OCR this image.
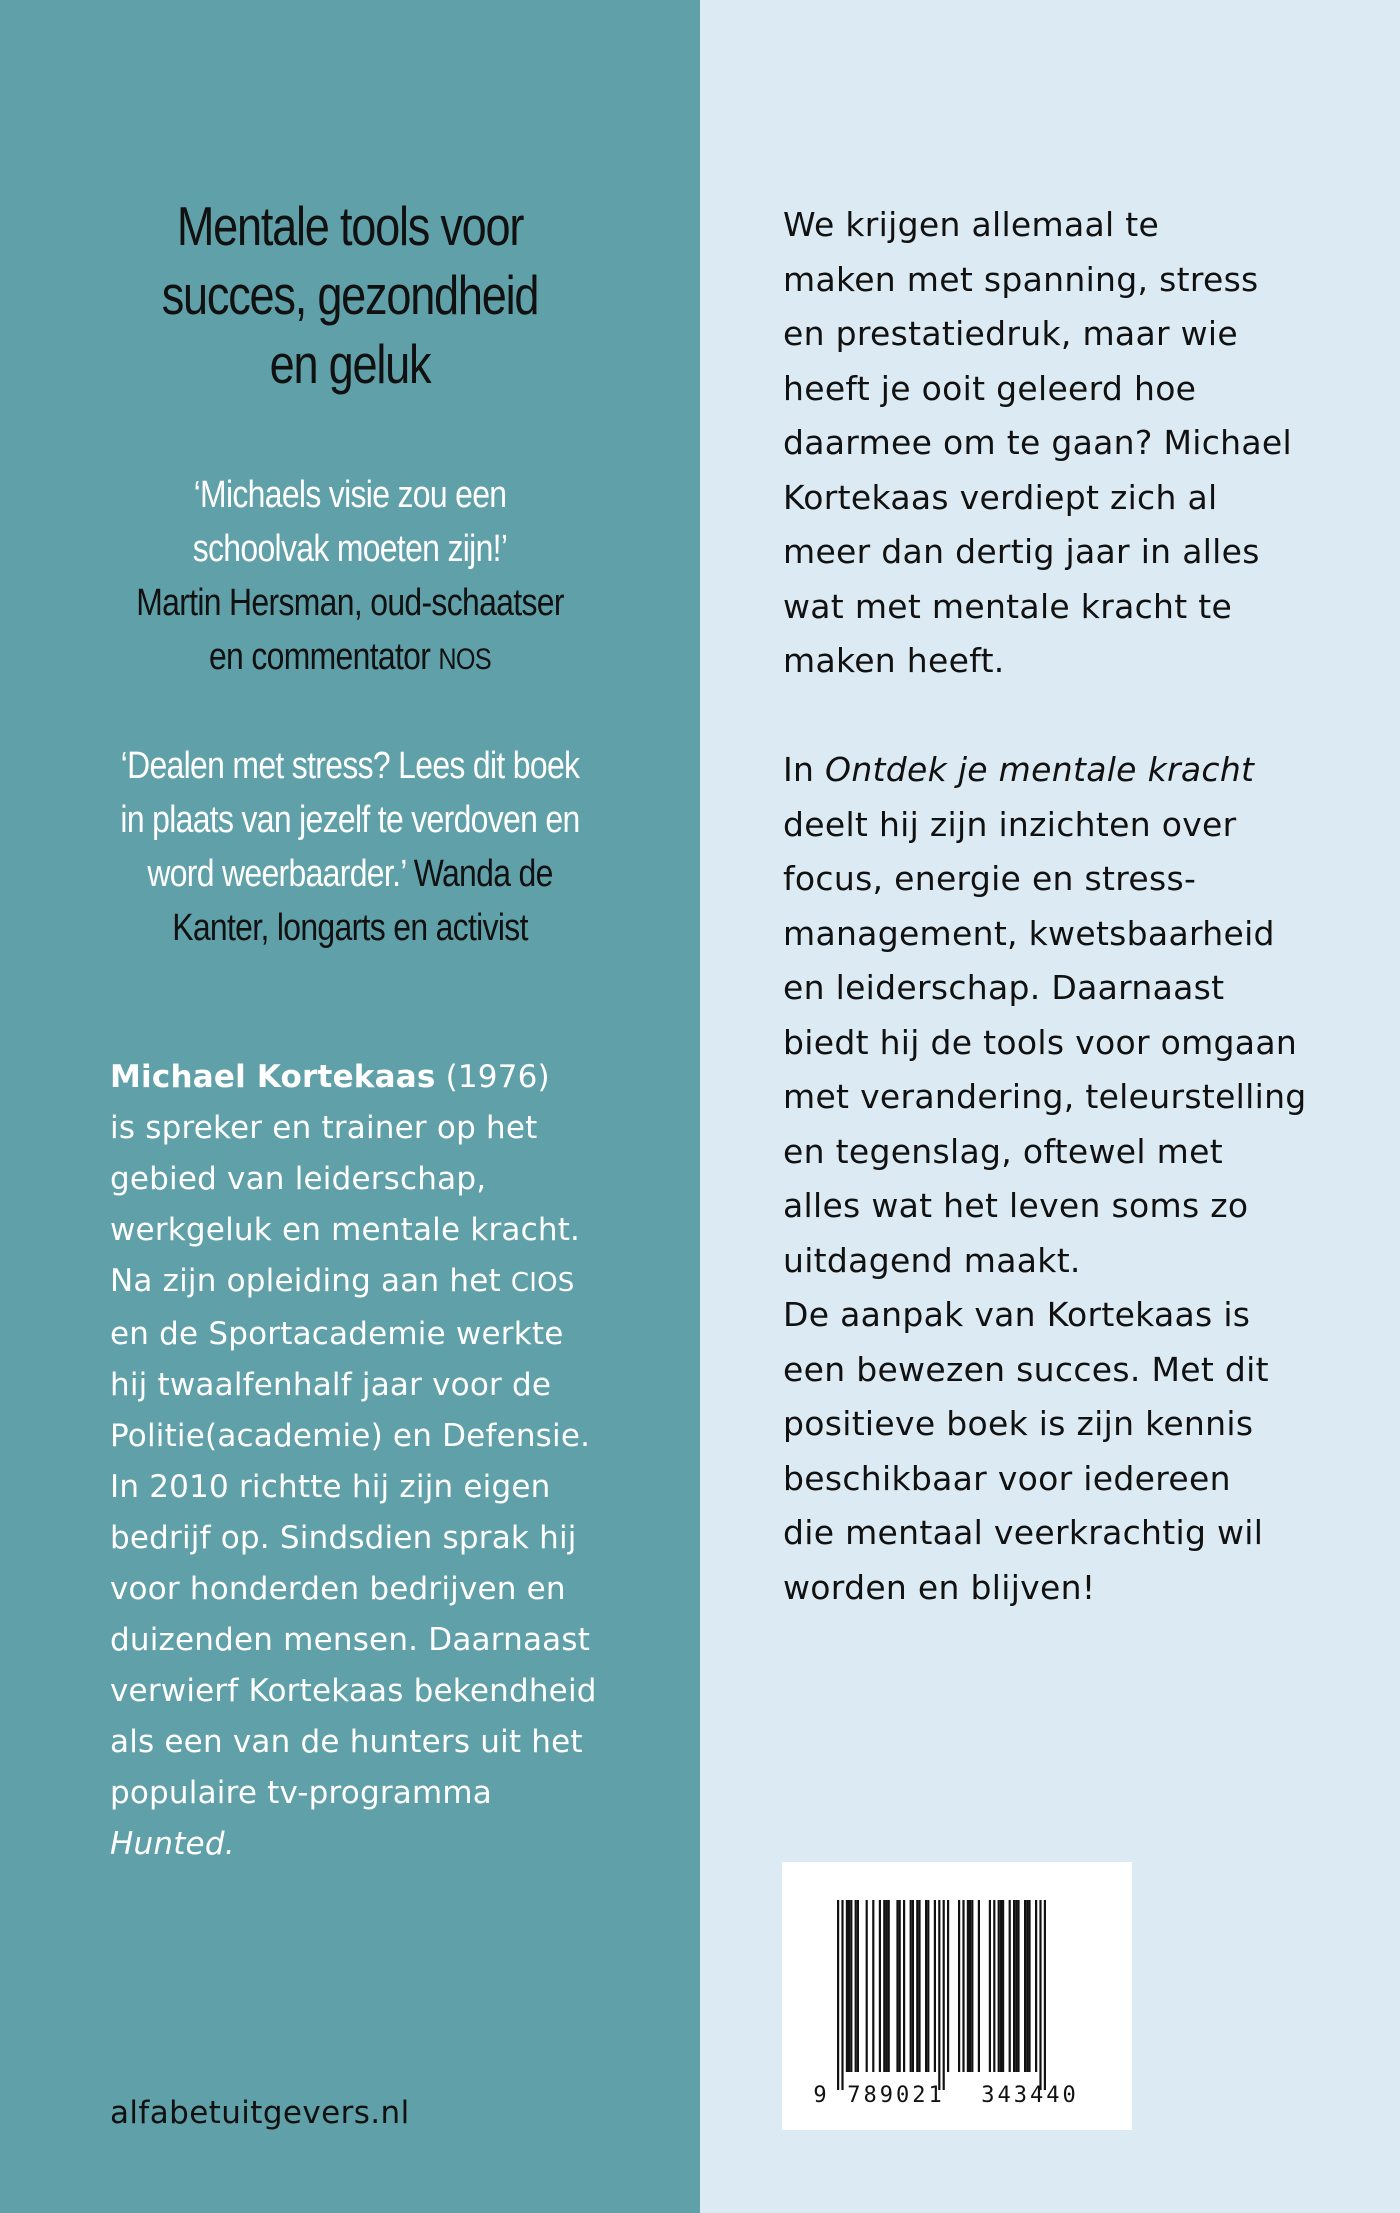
Mentale tools voor
succes, gezondheid
en geluk
‘Michaels visie zou een
schoolvak moeten zijn!’
Martin Hersman, oud-schaatser
en commentator NOS
‘Dealen met stress? Lees dit boek
in plaats van jezelf te verdoven en
word weerbaarder.’ Wanda de
Kanter, longarts en activist
Michael Kortekaas (1976)
is spreker en trainer op het
gebied van leiderschap,
werkgeluk en mentale kracht.
Na zijn opleiding aan het CIOS
en de Sportacademie werkte
hij twaalfenhalf jaar voor de
Politie(academie) en Defensie.
In 2010 richtte hij zijn eigen
bedrijf op. Sindsdien sprak hij
voor honderden bedrijven en
duizenden mensen. Daarnaast
verwierf Kortekaas bekendheid
als een van de hunters uit het
populaire tv-programma
Hunted.
alfabetuitgevers.nl
We krijgen allemaal te
maken met spanning, stress
en prestatiedruk, maar wie
heeft je ooit geleerd hoe
daarmee om te gaan? Michael
Kortekaas verdiept zich al
meer dan dertig jaar in alles
wat met mentale kracht te
maken heeft.
In Ontdek je mentale kracht
deelt hij zijn inzichten over
focus, energie en stress-
management, kwetsbaarheid
en leiderschap. Daarnaast
biedt hij de tools voor omgaan
met verandering, teleurstelling
en tegenslag, oftewel met
alles wat het leven soms zo
uitdagend maakt.
De aanpak van Kortekaas is
een bewezen succes. Met dit
positieve boek is zijn kennis
beschikbaar voor iedereen
die mentaal veerkrachtig wil
worden en blijven!
9 789021 343440
